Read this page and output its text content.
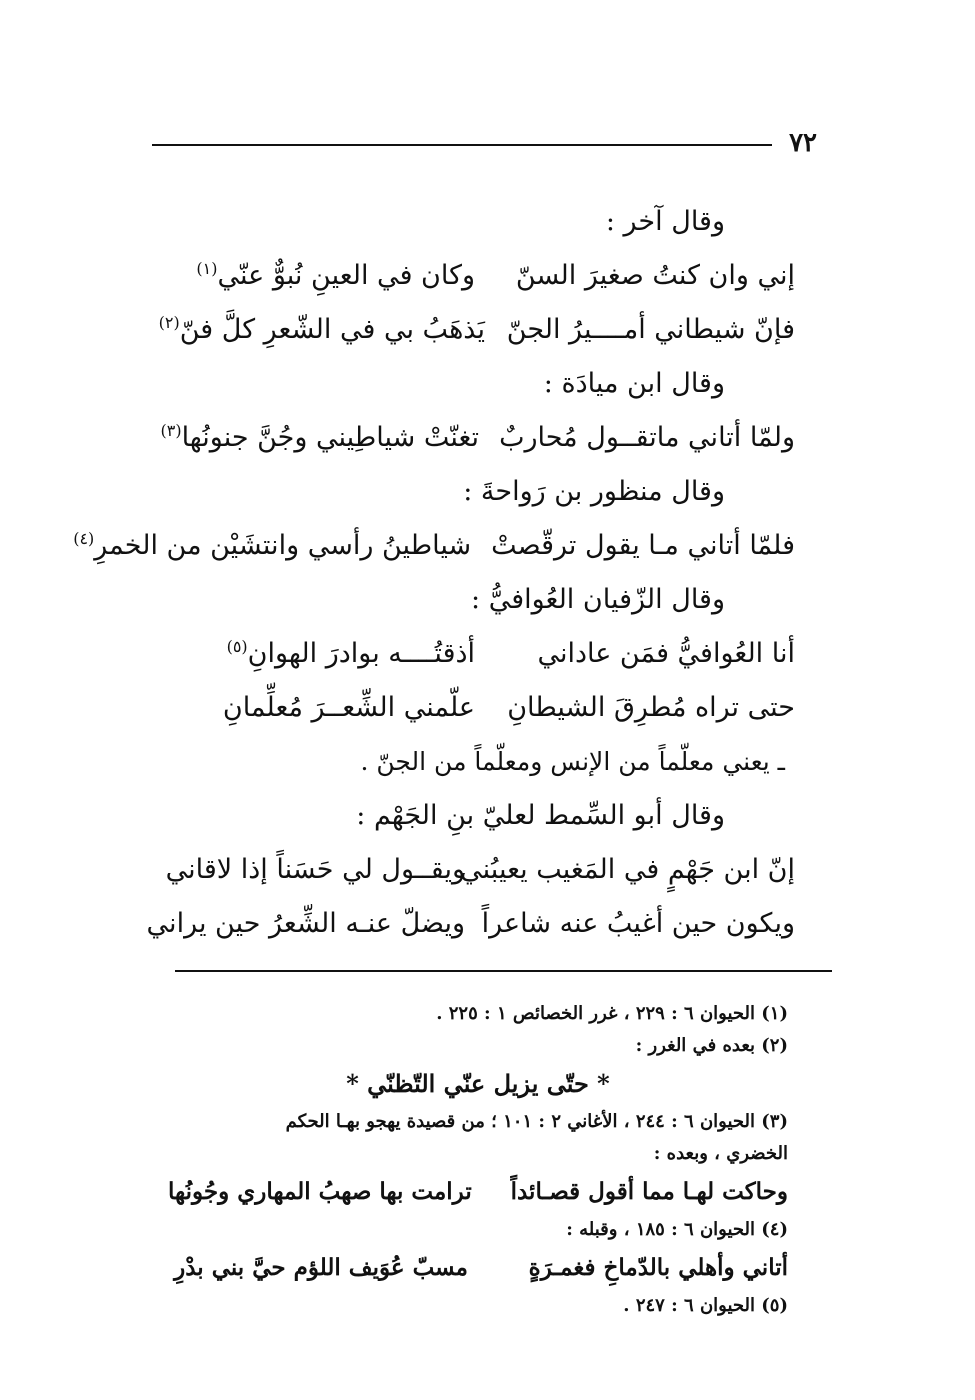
٧٢
وقال آخر :
إني وان كنتُ صغيرَ السنّ
وكان في العينِ نُبوٌّ عنّي$^{(١)}$
فإنّ شيطاني أمــــيرُ الجنّ
يَذهَبُ بي في الشّعرِ كلَّ فنّ$^{(٢)}$
وقال ابن ميادَة :
ولمّا أتاني ماتقــول مُحاربٌ
تغنّتْ شياطِيني وجُنَّ جنونُها$^{(٣)}$
وقال منظور بن رَواحةَ :
فلمّا أتاني مـا يقول ترقّصتْ
شياطينُ رأسي وانتشَيْن من الخمرِ$^{(٤)}$
وقال الزّفيان العُوافيُّ :
أنا العُوافيُّ فمَن عاداني
أذقتُــــه بوادرَ الهوانِ$^{(٥)}$
حتى تراه مُطرِقَ الشيطانِ
علّمني الشِّعــرَ مُعلِّمانِ
ـ يعني معلّماً من الإنس ومعلّماً من الجنّ .
وقال أبو السِّمط لعليّ بنِ الجَهْم :
إنّ ابن جَهْمٍ في المَغيب يعيبُني
ويقــول لي حَسَناً إذا لاقاني
ويكون حين أغيبُ عنه شاعراً
ويضلّ عنـه الشِّعرُ حين يراني
(١) الحيوان ٦ : ٢٢٩ ، غرر الخصائص ١ : ٢٢٥ .
(٢) بعده في الغرر :
* حتّى يزيل عنّي التّظنّي *
(٣) الحيوان ٦ : ٢٤٤ ، الأغاني ٢ : ١٠١ ؛ من قصيدة يهجو بهـا الحكم
الخضري ، وبعده :
وحاكت لهـا مما أقول قصـائداً
ترامت بها صهبُ المهاري وجُونُها
(٤) الحيوان ٦ : ١٨٥ ، وقبله :
أتاني وأهلي بالدّماخِ فغمـرَةٍ
مسبّ عُوَيف اللؤم حيَّ بني بدْرِ
(٥) الحيوان ٦ : ٢٤٧ .
